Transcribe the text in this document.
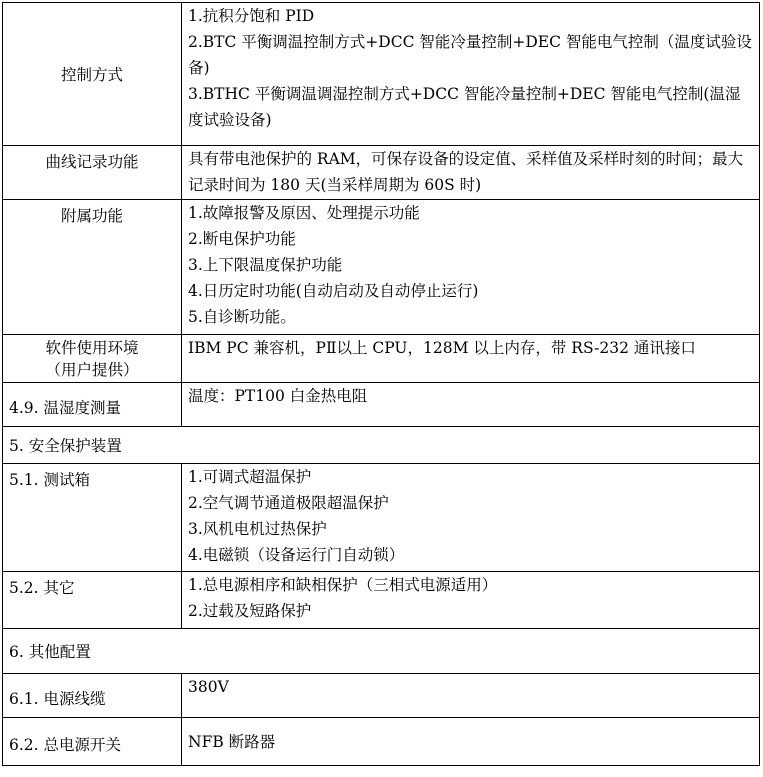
控制方式	1.抗积分饱和 PID
2.BTC 平衡调温控制方式+DCC 智能冷量控制+DEC 智能电气控制（温度试验设备)
3.BTHC 平衡调温调湿控制方式+DCC 智能冷量控制+DEC 智能电气控制(温湿度试验设备)

曲线记录功能	具有带电池保护的 RAM，可保存设备的设定值、采样值及采样时刻的时间；最大记录时间为 180 天(当采样周期为 60S 时)

附属功能	1.故障报警及原因、处理提示功能
2.断电保护功能
3.上下限温度保护功能
4.日历定时功能(自动启动及自动停止运行)
5.自诊断功能。

软件使用环境
（用户提供）	IBM PC 兼容机，PⅡ以上 CPU，128M 以上内存，带 RS-232 通讯接口

4.9. 温湿度测量	温度：PT100 白金热电阻

5. 安全保护装置	
5.1. 测试箱	1.可调式超温保护
2.空气调节通道极限超温保护
3.风机电机过热保护
4.电磁锁（设备运行门自动锁）

5.2. 其它	1.总电源相序和缺相保护（三相式电源适用）
2.过载及短路保护

6. 其他配置	
6.1. 电源线缆	380V

6.2. 总电源开关	NFB 断路器
